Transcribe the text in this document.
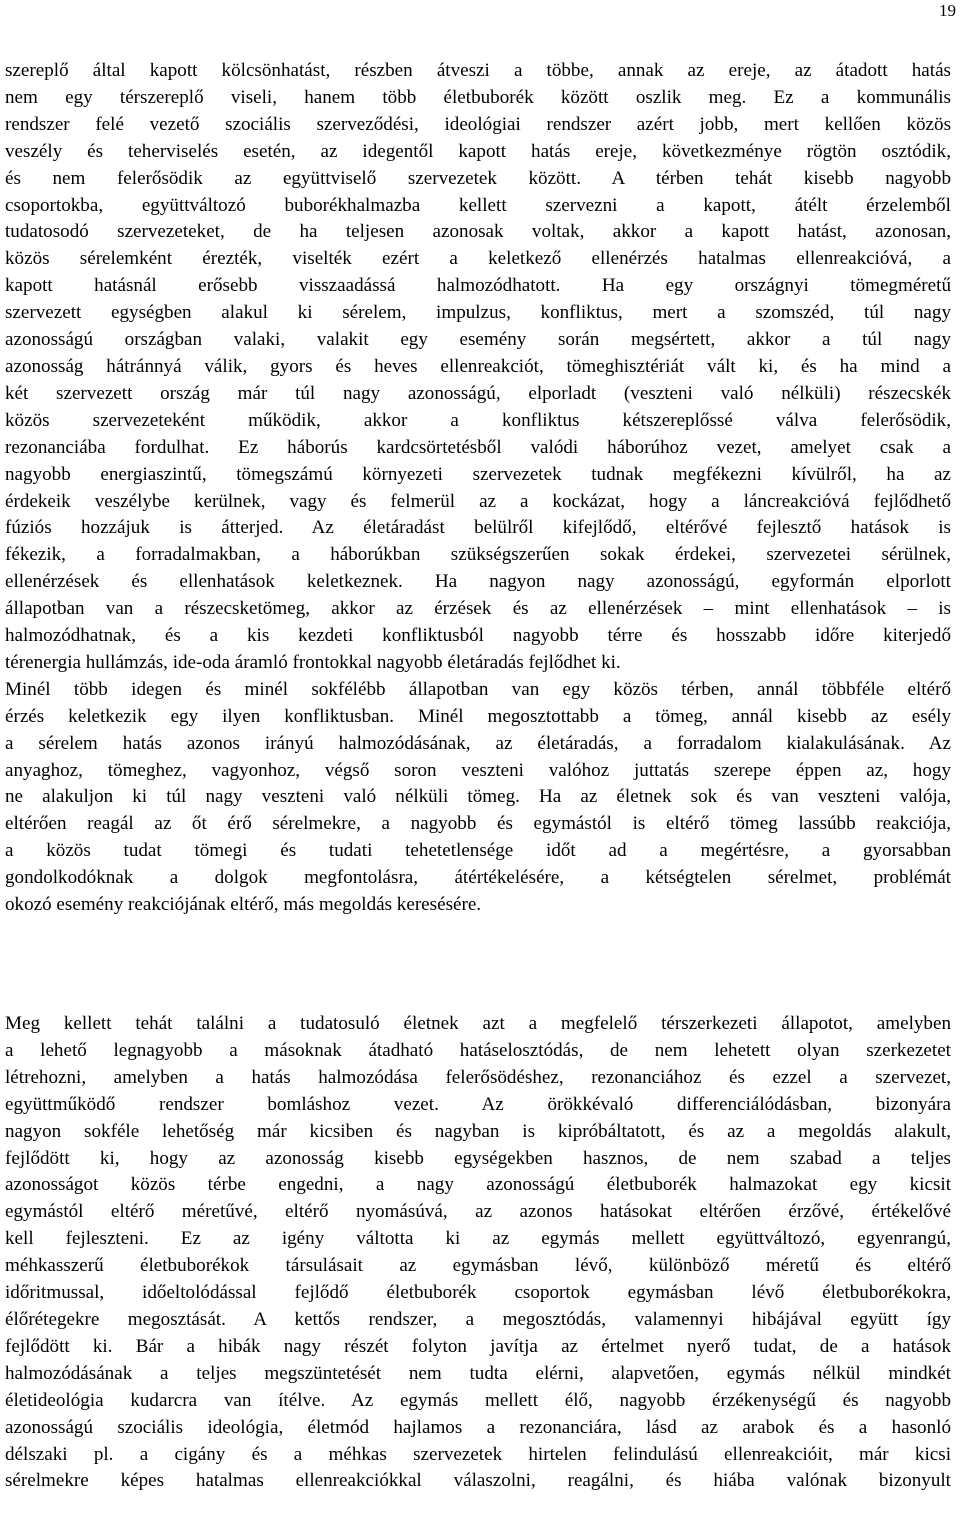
19
szereplő által kapott kölcsönhatást, részben átveszi a többe, annak az ereje, az átadott hatás
nem egy térszereplő viseli, hanem több életbuborék között oszlik meg. Ez a kommunális
rendszer felé vezető szociális szerveződési, ideológiai rendszer azért jobb, mert kellően közös
veszély és teherviselés esetén, az idegentől kapott hatás ereje, következménye rögtön osztódik,
és nem felerősödik az együttviselő szervezetek között. A térben tehát kisebb nagyobb
csoportokba, együttváltozó buborékhalmazba kellett szervezni a kapott, átélt érzelemből
tudatosodó szervezeteket, de ha teljesen azonosak voltak, akkor a kapott hatást, azonosan,
közös sérelemként érezték, viselték ezért a keletkező ellenérzés hatalmas ellenreakcióvá, a
kapott hatásnál erősebb visszaadássá halmozódhatott. Ha egy országnyi tömegméretű
szervezett egységben alakul ki sérelem, impulzus, konfliktus, mert a szomszéd, túl nagy
azonosságú országban valaki, valakit egy esemény során megsértett, akkor a túl nagy
azonosság hátránnyá válik, gyors és heves ellenreakciót, tömeghisztériát vált ki, és ha mind a
két szervezett ország már túl nagy azonosságú, elporladt (veszteni való nélküli) részecskék
közös szervezeteként működik, akkor a konfliktus kétszereplőssé válva felerősödik,
rezonanciába fordulhat. Ez háborús kardcsörtetésből valódi háborúhoz vezet, amelyet csak a
nagyobb energiaszintű, tömegszámú környezeti szervezetek tudnak megfékezni kívülről, ha az
érdekeik veszélybe kerülnek, vagy és felmerül az a kockázat, hogy a láncreakcióvá fejlődhető
fúziós hozzájuk is átterjed. Az életáradást belülről kifejlődő, eltérővé fejlesztő hatások is
fékezik, a forradalmakban, a háborúkban szükségszerűen sokak érdekei, szervezetei sérülnek,
ellenérzések és ellenhatások keletkeznek. Ha nagyon nagy azonosságú, egyformán elporlott
állapotban van a részecsketömeg, akkor az érzések és az ellenérzések – mint ellenhatások – is
halmozódhatnak, és a kis kezdeti konfliktusból nagyobb térre és hosszabb időre kiterjedő
térenergia hullámzás, ide-oda áramló frontokkal nagyobb életáradás fejlődhet ki.
Minél több idegen és minél sokfélébb állapotban van egy közös térben, annál többféle eltérő
érzés keletkezik egy ilyen konfliktusban. Minél megosztottabb a tömeg, annál kisebb az esély
a sérelem hatás azonos irányú halmozódásának, az életáradás, a forradalom kialakulásának. Az
anyaghoz, tömeghez, vagyonhoz, végső soron veszteni valóhoz juttatás szerepe éppen az, hogy
ne alakuljon ki túl nagy veszteni való nélküli tömeg. Ha az életnek sok és van veszteni valója,
eltérően reagál az őt érő sérelmekre, a nagyobb és egymástól is eltérő tömeg lassúbb reakciója,
a közös tudat tömegi és tudati tehetetlensége időt ad a megértésre, a gyorsabban
gondolkodóknak a dolgok megfontolásra, átértékelésére, a kétségtelen sérelmet, problémát
okozó esemény reakciójának eltérő, más megoldás keresésére.
Meg kellett tehát találni a tudatosuló életnek azt a megfelelő térszerkezeti állapotot, amelyben
a lehető legnagyobb a másoknak átadható hatáselosztódás, de nem lehetett olyan szerkezetet
létrehozni, amelyben a hatás halmozódása felerősödéshez, rezonanciához és ezzel a szervezet,
együttműködő rendszer bomláshoz vezet. Az örökkévaló differenciálódásban, bizonyára
nagyon sokféle lehetőség már kicsiben és nagyban is kipróbáltatott, és az a megoldás alakult,
fejlődött ki, hogy az azonosság kisebb egységekben hasznos, de nem szabad a teljes
azonosságot közös térbe engedni, a nagy azonosságú életbuborék halmazokat egy kicsit
egymástól eltérő méretűvé, eltérő nyomásúvá, az azonos hatásokat eltérően érzővé, értékelővé
kell fejleszteni. Ez az igény váltotta ki az egymás mellett együttváltozó, egyenrangú,
méhkasszerű életbuborékok társulásait az egymásban lévő, különböző méretű és eltérő
időritmussal, időeltolódással fejlődő életbuborék csoportok egymásban lévő életbuborékokra,
élőrétegekre megosztását. A kettős rendszer, a megosztódás, valamennyi hibájával együtt így
fejlődött ki. Bár a hibák nagy részét folyton javítja az értelmet nyerő tudat, de a hatások
halmozódásának a teljes megszüntetését nem tudta elérni, alapvetően, egymás nélkül mindkét
életideológia kudarcra van ítélve. Az egymás mellett élő, nagyobb érzékenységű és nagyobb
azonosságú szociális ideológia, életmód hajlamos a rezonanciára, lásd az arabok és a hasonló
délszaki pl. a cigány és a méhkas szervezetek hirtelen felindulású ellenreakcióit, már kicsi
sérelmekre képes hatalmas ellenreakciókkal válaszolni, reagálni, és hiába valónak bizonyult
